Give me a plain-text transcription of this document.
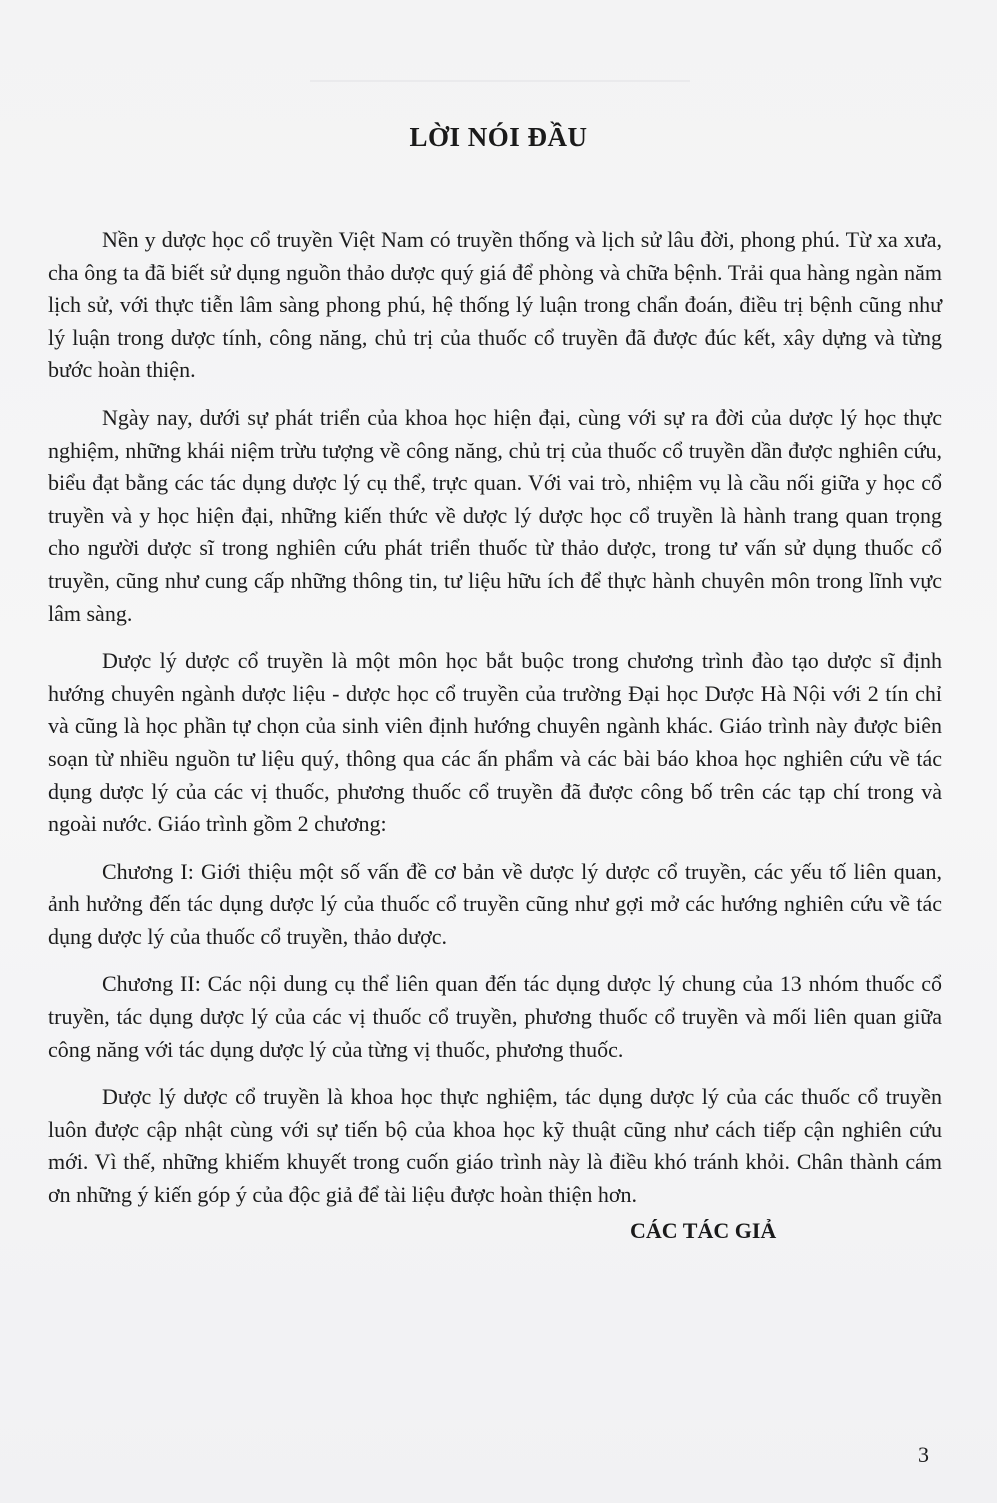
LỜI NÓI ĐẦU

Nền y dược học cổ truyền Việt Nam có truyền thống và lịch sử lâu đời, phong phú. Từ xa xưa, cha ông ta đã biết sử dụng nguồn thảo dược quý giá để phòng và chữa bệnh. Trải qua hàng ngàn năm lịch sử, với thực tiễn lâm sàng phong phú, hệ thống lý luận trong chẩn đoán, điều trị bệnh cũng như lý luận trong dược tính, công năng, chủ trị của thuốc cổ truyền đã được đúc kết, xây dựng và từng bước hoàn thiện.

Ngày nay, dưới sự phát triển của khoa học hiện đại, cùng với sự ra đời của dược lý học thực nghiệm, những khái niệm trừu tượng về công năng, chủ trị của thuốc cổ truyền dần được nghiên cứu, biểu đạt bằng các tác dụng dược lý cụ thể, trực quan. Với vai trò, nhiệm vụ là cầu nối giữa y học cổ truyền và y học hiện đại, những kiến thức về dược lý dược học cổ truyền là hành trang quan trọng cho người dược sĩ trong nghiên cứu phát triển thuốc từ thảo dược, trong tư vấn sử dụng thuốc cổ truyền, cũng như cung cấp những thông tin, tư liệu hữu ích để thực hành chuyên môn trong lĩnh vực lâm sàng.

Dược lý dược cổ truyền là một môn học bắt buộc trong chương trình đào tạo dược sĩ định hướng chuyên ngành dược liệu - dược học cổ truyền của trường Đại học Dược Hà Nội với 2 tín chỉ và cũng là học phần tự chọn của sinh viên định hướng chuyên ngành khác. Giáo trình này được biên soạn từ nhiều nguồn tư liệu quý, thông qua các ấn phẩm và các bài báo khoa học nghiên cứu về tác dụng dược lý của các vị thuốc, phương thuốc cổ truyền đã được công bố trên các tạp chí trong và ngoài nước. Giáo trình gồm 2 chương:

Chương I: Giới thiệu một số vấn đề cơ bản về dược lý dược cổ truyền, các yếu tố liên quan, ảnh hưởng đến tác dụng dược lý của thuốc cổ truyền cũng như gợi mở các hướng nghiên cứu về tác dụng dược lý của thuốc cổ truyền, thảo dược.

Chương II: Các nội dung cụ thể liên quan đến tác dụng dược lý chung của 13 nhóm thuốc cổ truyền, tác dụng dược lý của các vị thuốc cổ truyền, phương thuốc cổ truyền và mối liên quan giữa công năng với tác dụng dược lý của từng vị thuốc, phương thuốc.

Dược lý dược cổ truyền là khoa học thực nghiệm, tác dụng dược lý của các thuốc cổ truyền luôn được cập nhật cùng với sự tiến bộ của khoa học kỹ thuật cũng như cách tiếp cận nghiên cứu mới. Vì thế, những khiếm khuyết trong cuốn giáo trình này là điều khó tránh khỏi. Chân thành cám ơn những ý kiến góp ý của độc giả để tài liệu được hoàn thiện hơn.

CÁC TÁC GIẢ
3
